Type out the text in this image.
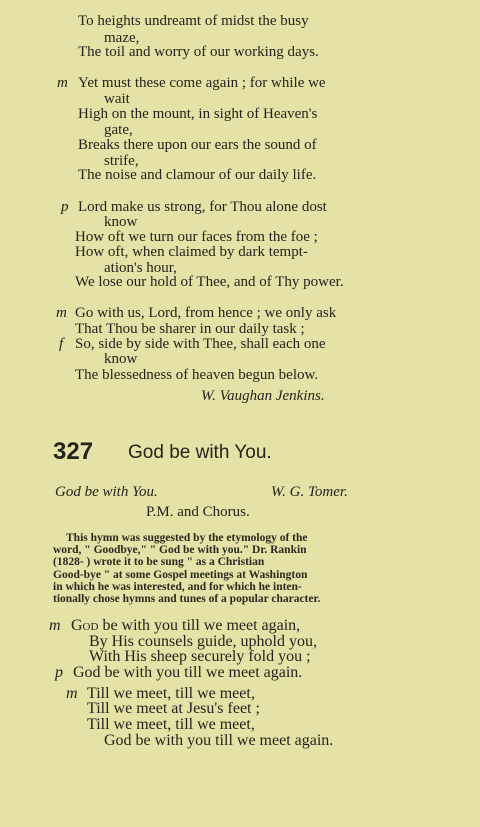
To heights undreamt of midst the busy
maze,
The toil and worry of our working days.
m Yet must these come again ; for while we
wait
High on the mount, in sight of Heaven's
gate,
Breaks there upon our ears the sound of
strife,
The noise and clamour of our daily life.
p Lord make us strong, for Thou alone dost
know
How oft we turn our faces from the foe ;
How oft, when claimed by dark tempt-
ation's hour,
We lose our hold of Thee, and of Thy power.
m Go with us, Lord, from hence ; we only ask
That Thou be sharer in our daily task ;
f So, side by side with Thee, shall each one
know
The blessedness of heaven begun below.
W. Vaughan Jenkins.
327 God be with You.
God be with You.	W. G. Tomer.
P.M. and Chorus.
This hymn was suggested by the etymology of the
word, " Goodbye," " God be with you." Dr. Rankin
(1828- ) wrote it to be sung " as a Christian
Good-bye " at some Gospel meetings at Washington
in which he was interested, and for which he inten-
tionally chose hymns and tunes of a popular character.
m God be with you till we meet again,
By His counsels guide, uphold you,
With His sheep securely fold you ;
p God be with you till we meet again.
m Till we meet, till we meet,
Till we meet at Jesu's feet ;
Till we meet, till we meet,
God be with you till we meet again.
